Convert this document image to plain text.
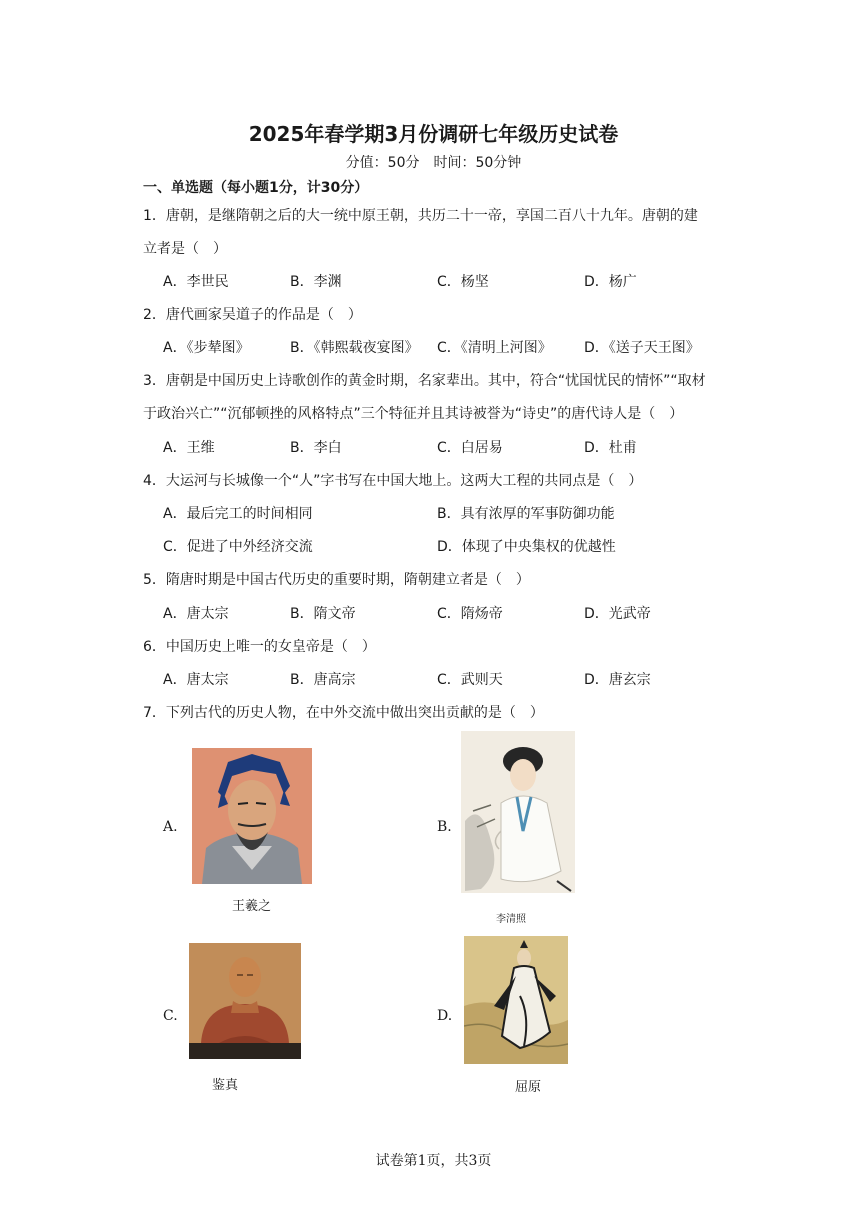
2025年春学期3月份调研七年级历史试卷
分值：50分　时间：50分钟
一、单选题（每小题1分，计30分）
1．唐朝，是继隋朝之后的大一统中原王朝，共历二十一帝，享国二百八十九年。唐朝的建
立者是（　）
A．李世民	B．李渊	C．杨坚	D．杨广
2．唐代画家吴道子的作品是（　）
A．《步辇图》	B．《韩熙载夜宴图》 C．《清明上河图》 D．《送子天王图》
3．唐朝是中国历史上诗歌创作的黄金时期，名家辈出。其中，符合“忧国忧民的情怀”“取材
于政治兴亡”“沉郁顿挫的风格特点”三个特征并且其诗被誉为“诗史”的唐代诗人是（　）
A．王维	B．李白	C．白居易	D．杜甫
4．大运河与长城像一个“人”字书写在中国大地上。这两大工程的共同点是（　）
A．最后完工的时间相同	B．具有浓厚的军事防御功能
C．促进了中外经济交流	D．体现了中央集权的优越性
5．隋唐时期是中国古代历史的重要时期，隋朝建立者是（　）
A．唐太宗	B．隋文帝	C．隋炀帝	D．光武帝
6．中国历史上唯一的女皇帝是（　）
A．唐太宗	B．唐高宗	C．武则天	D．唐玄宗
7．下列古代的历史人物，在中外交流中做出突出贡献的是（　）
A.
王羲之
B.
李清照
C.
鉴真
D.
屈原
试卷第1页，共3页
